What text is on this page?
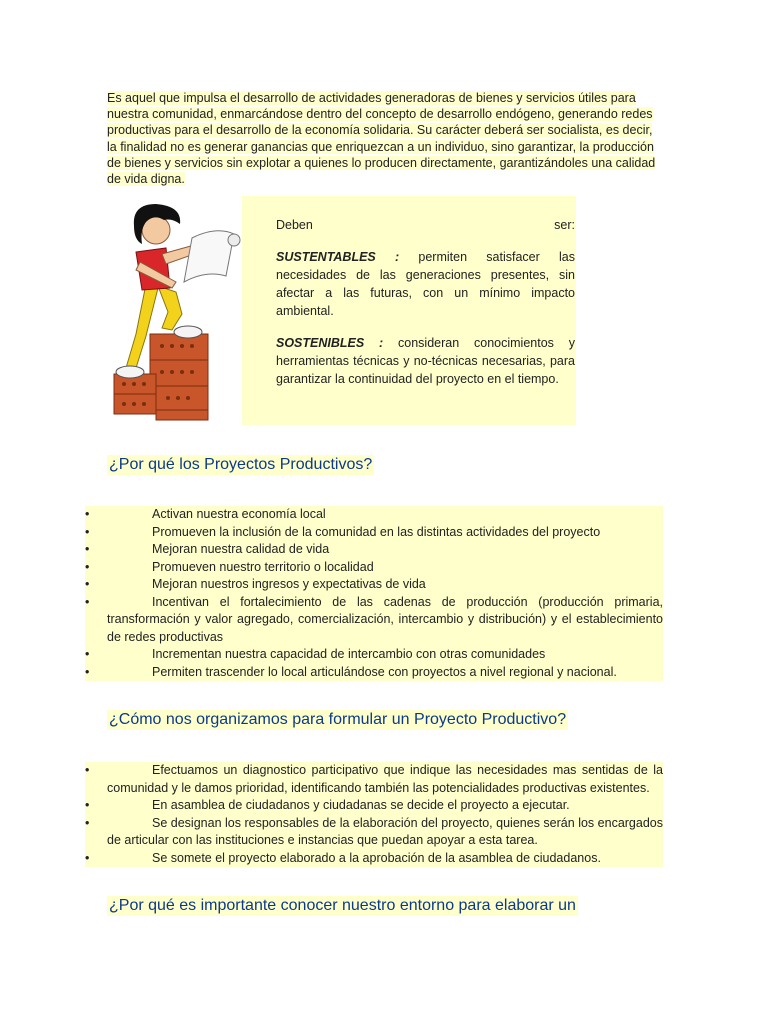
Es aquel que impulsa el desarrollo de actividades generadoras de bienes y servicios útiles para nuestra comunidad, enmarcándose dentro del concepto de desarrollo endógeno, generando redes productivas para el desarrollo de la economía solidaria. Su carácter deberá ser socialista, es decir, la finalidad no es generar ganancias que enriquezcan a un individuo, sino garantizar, la producción de bienes y servicios sin explotar a quienes lo producen directamente, garantizándoles una calidad de vida digna.

Deben	ser:

SUSTENTABLES : permiten satisfacer las necesidades de las generaciones presentes, sin afectar a las futuras, con un mínimo impacto ambiental.

SOSTENIBLES : consideran conocimientos y herramientas técnicas y no-técnicas necesarias, para garantizar la continuidad del proyecto en el tiempo.

¿Por qué los Proyectos Productivos?
•	Activan nuestra economía local
•	Promueven la inclusión de la comunidad en las distintas actividades del proyecto
•	Mejoran nuestra calidad de vida
•	Promueven nuestro territorio o localidad
•	Mejoran nuestros ingresos y expectativas de vida
•	Incentivan el fortalecimiento de las cadenas de producción (producción primaria, transformación y valor agregado, comercialización, intercambio y distribución) y el establecimiento de redes productivas
•	Incrementan nuestra capacidad de intercambio con otras comunidades
•	Permiten trascender lo local articulándose con proyectos a nivel regional y nacional.
¿Cómo nos organizamos para formular un Proyecto Productivo?
•	Efectuamos un diagnostico participativo que indique las necesidades mas sentidas de la comunidad y le damos prioridad, identificando también las potencialidades productivas existentes.
•	En asamblea de ciudadanos y ciudadanas se decide el proyecto a ejecutar.
•	Se designan los responsables de la elaboración del proyecto, quienes serán los encargados de articular con las instituciones e instancias que puedan apoyar a esta tarea.
•	Se somete el proyecto elaborado a la aprobación de la asamblea de ciudadanos.
¿Por qué es importante conocer nuestro entorno para elaborar un
